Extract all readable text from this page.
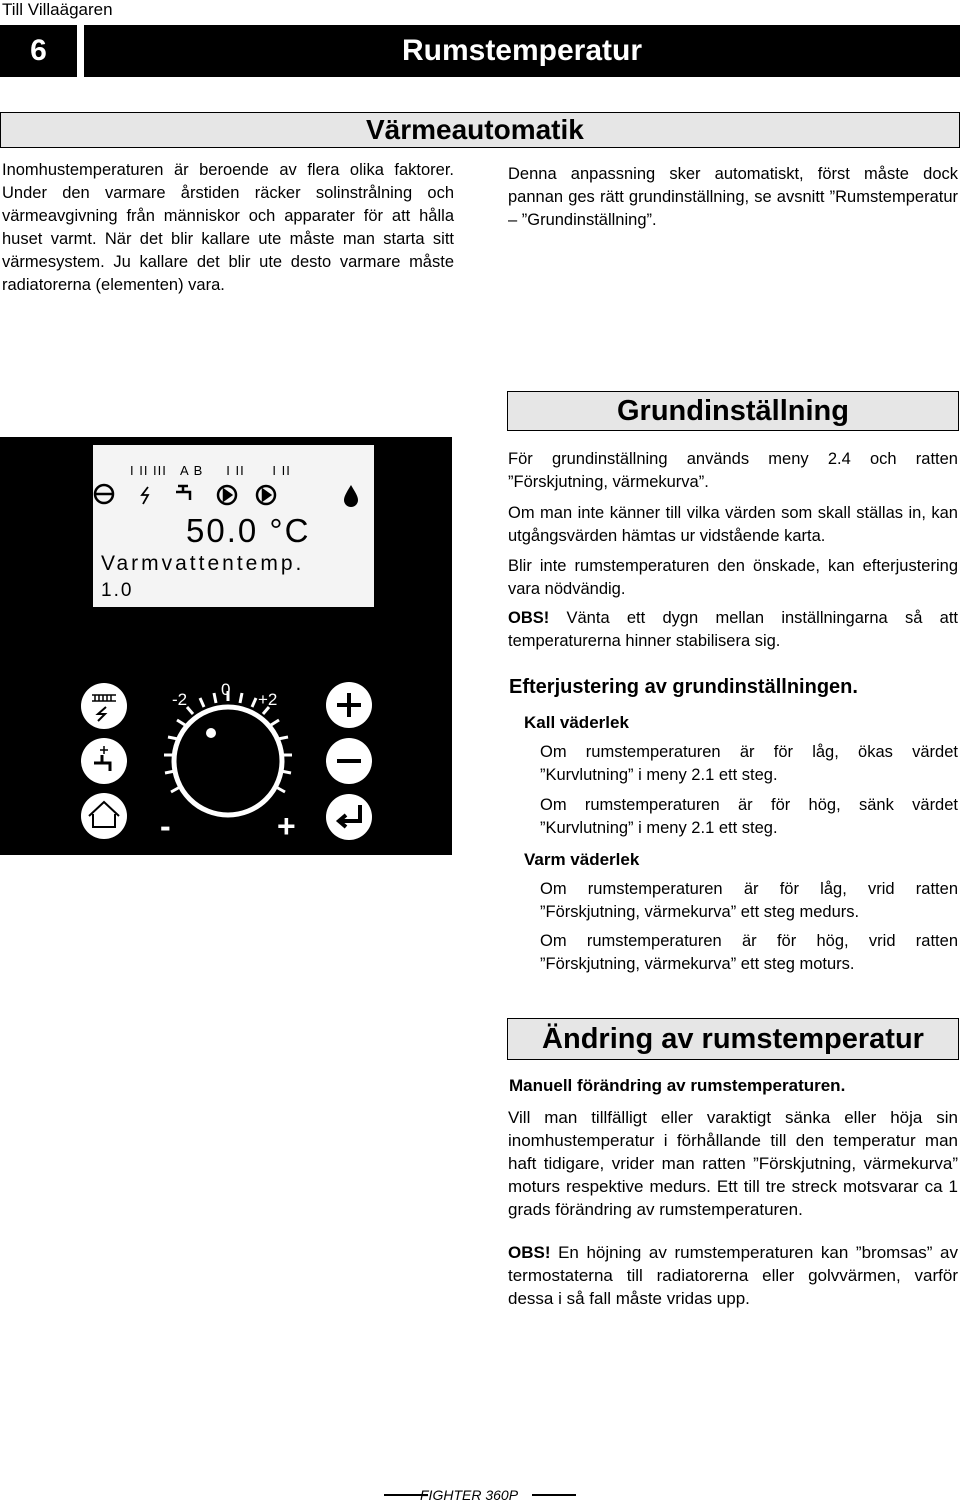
Till Villaägaren
6	Rumstemperatur
Värmeautomatik
Inomhustemperaturen är beroende av flera olika faktorer. Under den varmare årstiden räcker solinstrålning och värmeavgivning från människor och apparater för att hålla huset varmt. När det blir kallare ute måste man starta sitt värmesystem. Ju kallare det blir ute desto varmare måste radiatorerna (elementen) vara.
Denna anpassning sker automatiskt, först måste dock pannan ges rätt grundinställning, se avsnitt ”Rumstemperatur – ”Grundinställning”.
I II III   A B     I II      I II
50.0 °C
Varmvattentemp.
1.0
-2
0
+2
-	+
Grundinställning
För grundinställning används meny 2.4 och ratten ”Förskjutning, värmekurva”.
Om man inte känner till vilka värden som skall ställas in, kan utgångsvärden hämtas ur vidstående karta.
Blir inte rumstemperaturen den önskade, kan efterjustering vara nödvändig.
OBS! Vänta ett dygn mellan inställningarna så att temperaturerna hinner stabilisera sig.
Efterjustering av grundinställningen.
Kall väderlek
Om rumstemperaturen är för låg, ökas värdet ”Kurvlutning” i meny 2.1 ett steg.
Om rumstemperaturen är för hög, sänk värdet ”Kurvlutning” i meny 2.1 ett steg.
Varm väderlek
Om rumstemperaturen är för låg, vrid ratten ”Förskjutning, värmekurva” ett steg medurs.
Om rumstemperaturen är för hög, vrid ratten ”Förskjutning, värmekurva” ett steg moturs.
Ändring av rumstemperatur
Manuell förändring av rumstemperaturen.
Vill man tillfälligt eller varaktigt sänka eller höja sin inomhustemperatur i förhållande till den temperatur man haft tidigare, vrider man ratten ”Förskjutning, värmekurva” moturs respektive medurs. Ett till tre streck motsvarar ca 1 grads förändring av rumstemperaturen.
OBS! En höjning av rumstemperaturen kan ”bromsas” av termostaterna till radiatorerna eller golvvärmen, varför dessa i så fall måste vridas upp.
FIGHTER 360P
